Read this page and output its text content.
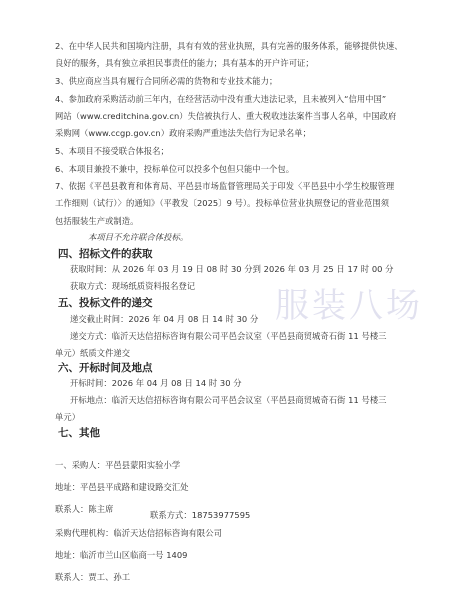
2、在中华人民共和国境内注册，具有有效的营业执照，具有完善的服务体系，能够提供快速、
良好的服务，具有独立承担民事责任的能力；具有基本的开户许可证；
3、供应商应当具有履行合同所必需的货物和专业技术能力；
4、参加政府采购活动前三年内，在经营活动中没有重大违法记录，且未被列入“信用中国”
网站（www.creditchina.gov.cn）失信被执行人、重大税收违法案件当事人名单，中国政府
采购网（www.ccgp.gov.cn）政府采购严重违法失信行为记录名单；
5、本项目不接受联合体报名；
6、本项目兼投不兼中，投标单位可以投多个包但只能中一个包。
7、依据《平邑县教育和体育局、平邑县市场监督管理局关于印发〈平邑县中小学生校服管理
工作细则（试行）〉的通知》（平教发〔2025〕9 号）。投标单位营业执照登记的营业范围须
包括服装生产或制造。
本项目不允许联合体投标。
四、招标文件的获取
获取时间：从 2026 年 03 月 19 日 08 时 30 分到 2026 年 03 月 25 日 17 时 00 分
获取方式：现场纸质资料报名登记
五、投标文件的递交
递交截止时间：2026 年 04 月 08 日 14 时 30 分
递交方式：临沂天达信招标咨询有限公司平邑会议室（平邑县商贸城奇石街 11 号楼三
单元）纸质文件递交
六、开标时间及地点
开标时间：2026 年 04 月 08 日 14 时 30 分
开标地点：临沂天达信招标咨询有限公司平邑会议室（平邑县商贸城奇石街 11 号楼三
单元）
七、其他
一、采购人：平邑县蒙阳实验小学
地址：平邑县平成路和建设路交汇处
联系人：陈主席
联系方式：18753977595
采购代理机构：临沂天达信招标咨询有限公司
地址：临沂市兰山区临商一号 1409
联系人：贾工、孙工
服装八场
